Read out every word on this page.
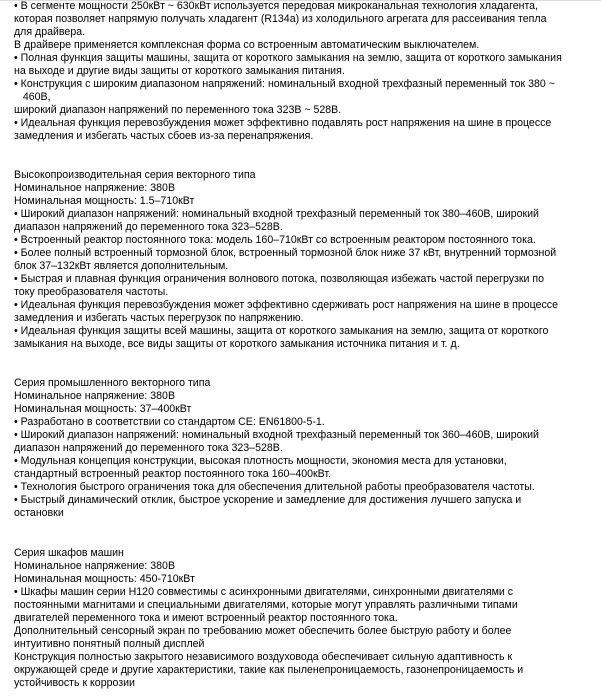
• В сегменте мощности 250кВт ~ 630кВт используется передовая микроканальная технология хладагента,
которая позволяет напрямую получать хладагент (R134a) из холодильного агрегата для рассеивания тепла
для драйвера.
В драйвере применяется комплексная форма со встроенным автоматическим выключателем.
• Полная функция защиты машины, защита от короткого замыкания на землю, защита от короткого замыкания
на выходе и другие виды защиты от короткого замыкания питания.
• Конструкция с широким диапазоном напряжений: номинальный входной трехфазный переменный ток 380 ~
460В,
широкий диапазон напряжений по переменного тока 323В ~ 528В.
• Идеальная функция перевозбуждения может эффективно подавлять рост напряжения на шине в процессе
замедления и избегать частых сбоев из-за перенапряжения.
Высокопроизводительная серия векторного типа
Номинальное напряжение: 380В
Номинальная мощность: 1.5–710кВт
• Широкий диапазон напряжений: номинальный входной трехфазный переменный ток 380–460В, широкий
диапазон напряжений до переменного тока 323–528В.
• Встроенный реактор постоянного тока: модель 160–710кВт со встроенным реактором постоянного тока.
• Более полный встроенный тормозной блок, встроенный тормозной блок ниже 37 кВт, внутренний тормозной
блок 37–132кВт является дополнительным.
• Быстрая и плавная функция ограничения волнового потока, позволяющая избежать частой перегрузки по
току преобразователя частоты.
• Идеальная функция перевозбуждения может эффективно сдерживать рост напряжения на шине в процессе
замедления и избегать частых перегрузок по напряжению.
• Идеальная функция защиты всей машины, защита от короткого замыкания на землю, защита от короткого
замыкания на выходе, все виды защиты от короткого замыкания источника питания и т. д.
Серия промышленного векторного типа
Номинальное напряжение: 380В
Номинальная мощность: 37–400кВт
• Разработано в соответствии со стандартом CE: EN61800-5-1.
• Широкий диапазон напряжений: номинальный входной трехфазный переменный ток 360–460В, широкий
диапазон напряжений до переменного тока 323–528В.
• Модульная концепция конструкции, высокая плотность мощности, экономия места для установки,
стандартный встроенный реактор постоянного тока 160–400кВт.
• Технология быстрого ограничения тока для обеспечения длительной работы преобразователя частоты.
• Быстрый динамический отклик, быстрое ускорение и замедление для достижения лучшего запуска и
остановки
Серия шкафов машин
Номинальное напряжение: 380В
Номинальная мощность: 450-710кВт
• Шкафы машин серии H120 совместимы с асинхронными двигателями, синхронными двигателями с
постоянными магнитами и специальными двигателями, которые могут управлять различными типами
двигателей переменного тока и имеют встроенный реактор постоянного тока.
Дополнительный сенсорный экран по требованию может обеспечить более быструю работу и более
интуитивно понятный полный дисплей
Конструкция полностью закрытого независимого воздуховода обеспечивает сильную адаптивность к
окружающей среде и другие характеристики, такие как пыленепроницаемость, газонепроницаемость и
устойчивость к коррозии
